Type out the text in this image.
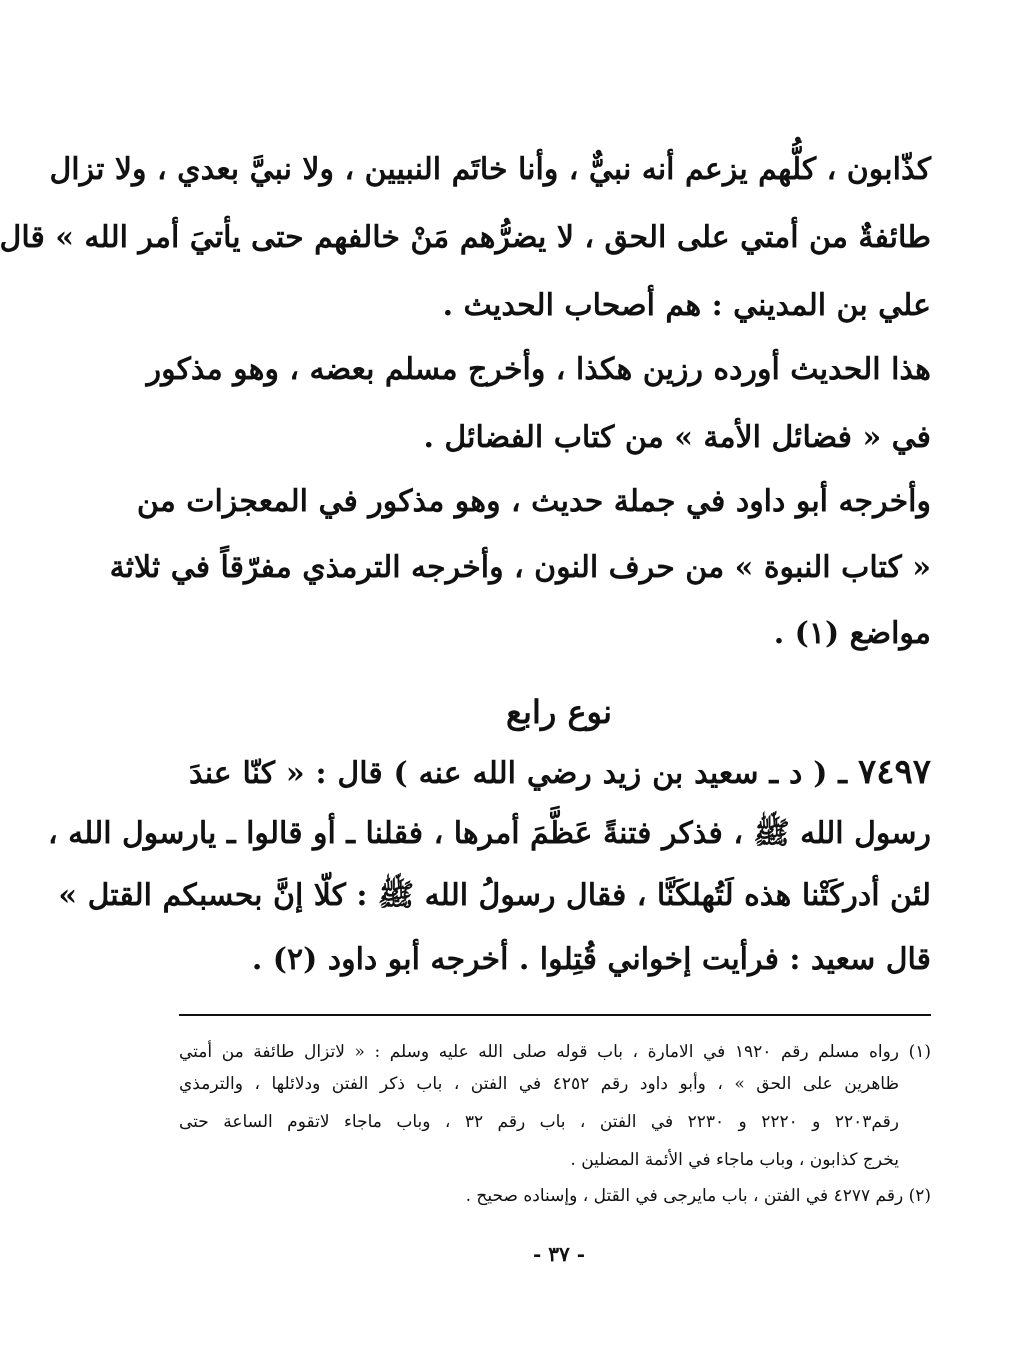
كذّابون ، كلُّهم يزعم أنه نبيٌّ ، وأنا خاتَم النبيين ، ولا نبيَّ بعدي ، ولا تزال
طائفةٌ من أمتي على الحق ، لا يضرُّهم مَنْ خالفهم حتى يأتيَ أمر الله » قال
علي بن المديني : هم أصحاب الحديث .
هذا الحديث أورده رزين هكذا ، وأخرج مسلم بعضه ، وهو مذكور
في « فضائل الأمة » من كتاب الفضائل .
وأخرجه أبو داود في جملة حديث ، وهو مذكور في المعجزات من
« كتاب النبوة » من حرف النون ، وأخرجه الترمذي مفرّقاً في ثلاثة
مواضع (١) .
نوع رابع
٧٤٩٧ ـ ( د ـ سعيد بن زيد رضي الله عنه ) قال : « كنّا عندَ
رسول الله ﷺ ، فذكر فتنةً عَظَّمَ أمرها ، فقلنا ـ أو قالوا ـ يارسول الله ،
لئن أدركَتْنا هذه لَتُهلكَنَّا ، فقال رسولُ الله ﷺ : كلّا إنَّ بحسبكم القتل »
قال سعيد : فرأيت إخواني قُتِلوا . أخرجه أبو داود (٢) .
(١) رواه مسلم رقم ١٩٢٠ في الامارة ، باب قوله صلى الله عليه وسلم : « لاتزال طائفة من أمتي
ظاهرين على الحق » ، وأبو داود رقم ٤٢٥٢ في الفتن ، باب ذكر الفتن ودلائلها ، والترمذي
رقم٢٢٠٣ و ٢٢٢٠ و ٢٢٣٠ في الفتن ، باب رقم ٣٢ ، وباب ماجاء لاتقوم الساعة حتى
يخرج كذابون ، وباب ماجاء في الأئمة المضلين .
(٢) رقم ٤٢٧٧ في الفتن ، باب مايرجى في القتل ، وإسناده صحيح .
- ٣٧ -
